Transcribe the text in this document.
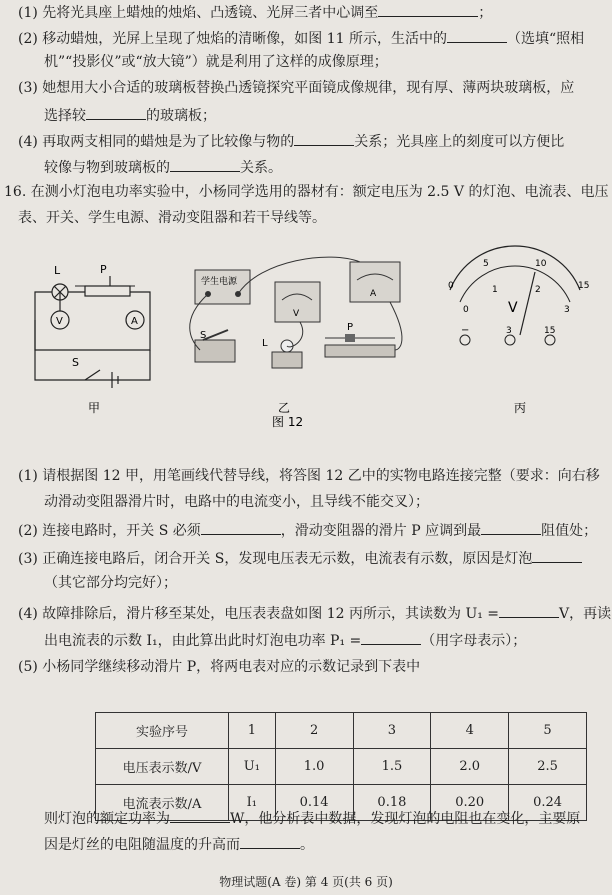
(1) 先将光具座上蜡烛的烛焰、凸透镜、光屏三者中心调至	；
(2) 移动蜡烛，光屏上呈现了烛焰的清晰像，如图 11 所示，生活中的	（选填“照相
机”“投影仪”或“放大镜”）就是利用了这样的成像原理；
(3) 她想用大小合适的玻璃板替换凸透镜探究平面镜成像规律，现有厚、薄两块玻璃板，应
选择较	的玻璃板；
(4) 再取两支相同的蜡烛是为了比较像与物的	关系；光具座上的刻度可以方便比
较像与物到玻璃板的	关系。
16. 在测小灯泡电功率实验中，小杨同学选用的器材有：额定电压为 2.5 V 的灯泡、电流表、电压
表、开关、学生电源、滑动变阻器和若干导线等。
L	P
V	A
S
甲
学生电源
V
A
S
L
P
乙
0
5	10
15
0
1	2
3
V
−	3	15
丙
图 12
(1) 请根据图 12 甲，用笔画线代替导线，将答图 12 乙中的实物电路连接完整（要求：向右移
动滑动变阻器滑片时，电路中的电流变小，且导线不能交叉）；
(2) 连接电路时，开关 S 必须	，滑动变阻器的滑片 P 应调到最	阻值处；
(3) 正确连接电路后，闭合开关 S，发现电压表无示数，电流表有示数，原因是灯泡
（其它部分均完好）；
(4) 故障排除后，滑片移至某处，电压表表盘如图 12 丙所示，其读数为 U₁ =	V，再读
出电流表的示数 I₁，由此算出此时灯泡电功率 P₁ =	（用字母表示）；
(5) 小杨同学继续移动滑片 P，将两电表对应的示数记录到下表中
实验序号	1	2	3	4	5
电压表示数/V	U₁	1.0	1.5	2.0	2.5
电流表示数/A	I₁	0.14	0.18	0.20	0.24
则灯泡的额定功率为	W，他分析表中数据，发现灯泡的电阻也在变化，主要原
因是灯丝的电阻随温度的升高而	。
物理试题(A 卷) 第 4 页(共 6 页)
